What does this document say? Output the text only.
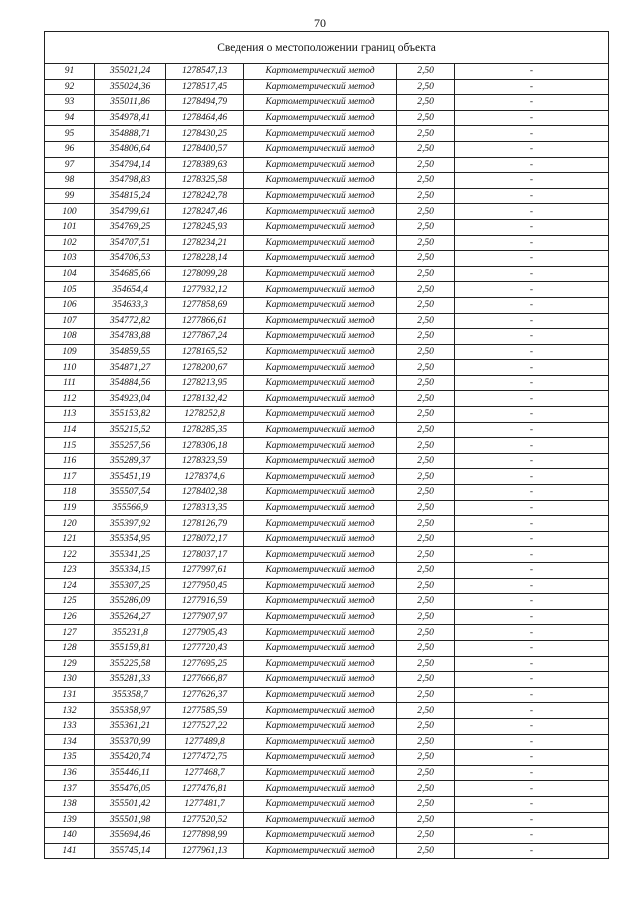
70
Сведения о местоположении границ объекта					
91	355021,24	1278547,13	Картометрический метод	2,50	-
92	355024,36	1278517,45	Картометрический метод	2,50	-
93	355011,86	1278494,79	Картометрический метод	2,50	-
94	354978,41	1278464,46	Картометрический метод	2,50	-
95	354888,71	1278430,25	Картометрический метод	2,50	-
96	354806,64	1278400,57	Картометрический метод	2,50	-
97	354794,14	1278389,63	Картометрический метод	2,50	-
98	354798,83	1278325,58	Картометрический метод	2,50	-
99	354815,24	1278242,78	Картометрический метод	2,50	-
100	354799,61	1278247,46	Картометрический метод	2,50	-
101	354769,25	1278245,93	Картометрический метод	2,50	-
102	354707,51	1278234,21	Картометрический метод	2,50	-
103	354706,53	1278228,14	Картометрический метод	2,50	-
104	354685,66	1278099,28	Картометрический метод	2,50	-
105	354654,4	1277932,12	Картометрический метод	2,50	-
106	354633,3	1277858,69	Картометрический метод	2,50	-
107	354772,82	1277866,61	Картометрический метод	2,50	-
108	354783,88	1277867,24	Картометрический метод	2,50	-
109	354859,55	1278165,52	Картометрический метод	2,50	-
110	354871,27	1278200,67	Картометрический метод	2,50	-
111	354884,56	1278213,95	Картометрический метод	2,50	-
112	354923,04	1278132,42	Картометрический метод	2,50	-
113	355153,82	1278252,8	Картометрический метод	2,50	-
114	355215,52	1278285,35	Картометрический метод	2,50	-
115	355257,56	1278306,18	Картометрический метод	2,50	-
116	355289,37	1278323,59	Картометрический метод	2,50	-
117	355451,19	1278374,6	Картометрический метод	2,50	-
118	355507,54	1278402,38	Картометрический метод	2,50	-
119	355566,9	1278313,35	Картометрический метод	2,50	-
120	355397,92	1278126,79	Картометрический метод	2,50	-
121	355354,95	1278072,17	Картометрический метод	2,50	-
122	355341,25	1278037,17	Картометрический метод	2,50	-
123	355334,15	1277997,61	Картометрический метод	2,50	-
124	355307,25	1277950,45	Картометрический метод	2,50	-
125	355286,09	1277916,59	Картометрический метод	2,50	-
126	355264,27	1277907,97	Картометрический метод	2,50	-
127	355231,8	1277905,43	Картометрический метод	2,50	-
128	355159,81	1277720,43	Картометрический метод	2,50	-
129	355225,58	1277695,25	Картометрический метод	2,50	-
130	355281,33	1277666,87	Картометрический метод	2,50	-
131	355358,7	1277626,37	Картометрический метод	2,50	-
132	355358,97	1277585,59	Картометрический метод	2,50	-
133	355361,21	1277527,22	Картометрический метод	2,50	-
134	355370,99	1277489,8	Картометрический метод	2,50	-
135	355420,74	1277472,75	Картометрический метод	2,50	-
136	355446,11	1277468,7	Картометрический метод	2,50	-
137	355476,05	1277476,81	Картометрический метод	2,50	-
138	355501,42	1277481,7	Картометрический метод	2,50	-
139	355501,98	1277520,52	Картометрический метод	2,50	-
140	355694,46	1277898,99	Картометрический метод	2,50	-
141	355745,14	1277961,13	Картометрический метод	2,50	-
